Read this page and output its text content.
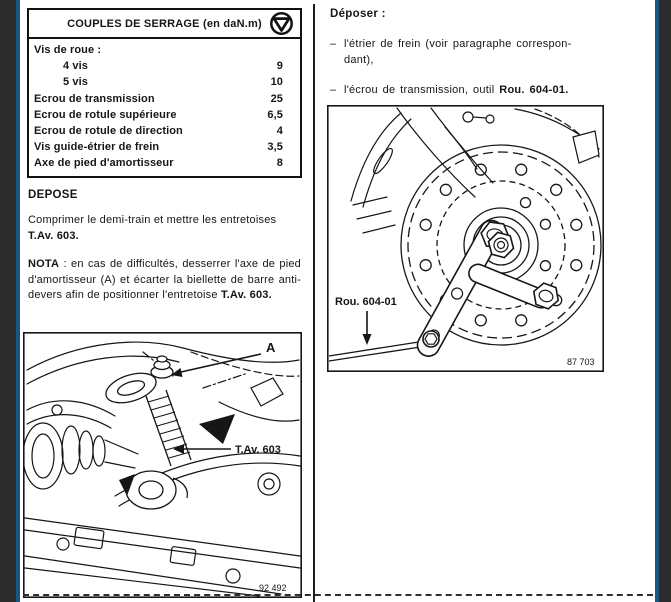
COUPLES DE SERRAGE (en daN.m)
Vis de roue :
4 vis	9
5 vis	10
Ecrou de transmission	25
Ecrou de rotule supérieure	6,5
Ecrou de rotule de direction	4
Vis guide-étrier de frein	3,5
Axe de pied d'amortisseur	8
DEPOSE
Comprimer le demi-train et mettre les entretoises
T.Av. 603.
NOTA : en cas de difficultés, desserrer l'axe de pied d'amortisseur (A) et écarter la biellette de barre anti-devers afin de positionner l'entretoise T.Av. 603.
Déposer :
– l'étrier de frein (voir paragraphe correspon-
dant),
– l'écrou de transmission, outil Rou. 604-01.
Rou. 604-01
87 703
A
T.Av. 603
92 492
